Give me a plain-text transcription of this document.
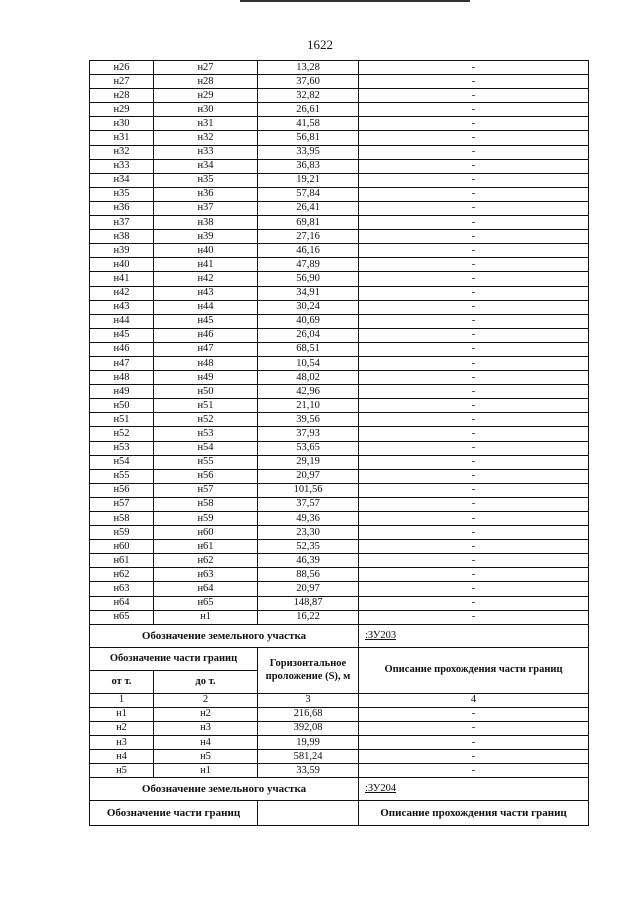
1622
н26	н27	13,28	-
н27	н28	37,60	-
н28	н29	32,82	-
н29	н30	26,61	-
н30	н31	41,58	-
н31	н32	56,81	-
н32	н33	33,95	-
н33	н34	36,83	-
н34	н35	19,21	-
н35	н36	57,84	-
н36	н37	26,41	-
н37	н38	69,81	-
н38	н39	27,16	-
н39	н40	46,16	-
н40	н41	47,89	-
н41	н42	56,90	-
н42	н43	34,91	-
н43	н44	30,24	-
н44	н45	40,69	-
н45	н46	26,04	-
н46	н47	68,51	-
н47	н48	10,54	-
н48	н49	48,02	-
н49	н50	42,96	-
н50	н51	21,10	-
н51	н52	39,56	-
н52	н53	37,93	-
н53	н54	53,65	-
н54	н55	29,19	-
н55	н56	20,97	-
н56	н57	101,56	-
н57	н58	37,57	-
н58	н59	49,36	-
н59	н60	23,30	-
н60	н61	52,35	-
н61	н62	46,39	-
н62	н63	88,56	-
н63	н64	20,97	-
н64	н65	148,87	-
н65	н1	16,22	-
Обозначение земельного участка			:ЗУ203
Обозначение части границ		Горизонтальное проложение (S), м	Описание прохождения части границ
от т.	до т.		
1	2	3	4
н1	н2	216,68	-
н2	н3	392,08	-
н3	н4	19,99	-
н4	н5	581,24	-
н5	н1	33,59	-
Обозначение земельного участка			:ЗУ204
Обозначение части границ			Описание прохождения части границ
